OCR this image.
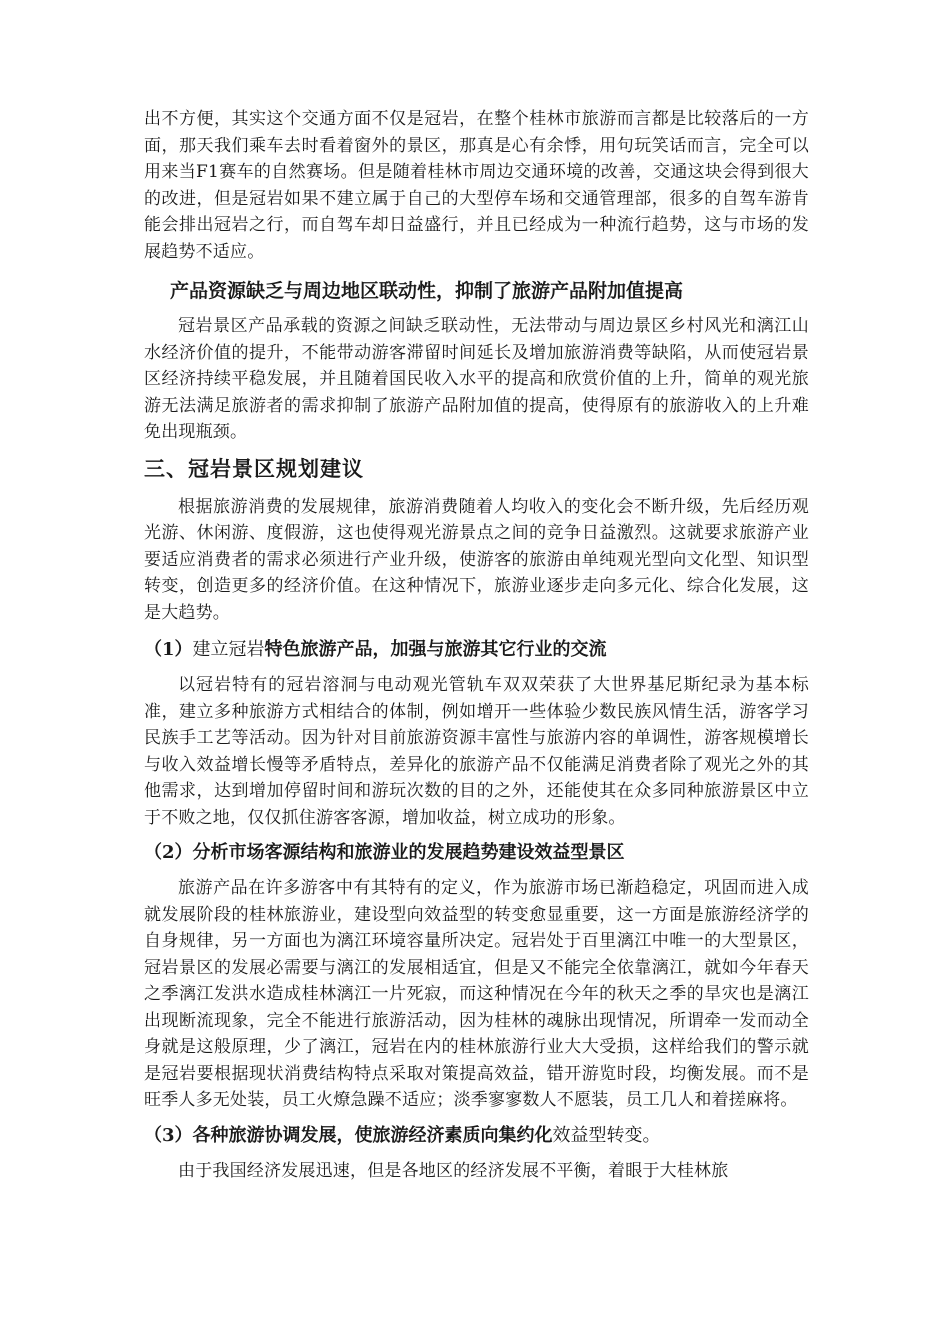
出不方便，其实这个交通方面不仅是冠岩，在整个桂林市旅游而言都是比较落后的一方面，那天我们乘车去时看着窗外的景区，那真是心有余悸，用句玩笑话而言，完全可以用来当F1赛车的自然赛场。但是随着桂林市周边交通环境的改善，交通这块会得到很大的改进，但是冠岩如果不建立属于自己的大型停车场和交通管理部，很多的自驾车游肯能会排出冠岩之行，而自驾车却日益盛行，并且已经成为一种流行趋势，这与市场的发展趋势不适应。

产品资源缺乏与周边地区联动性，抑制了旅游产品附加值提高

冠岩景区产品承载的资源之间缺乏联动性，无法带动与周边景区乡村风光和漓江山水经济价值的提升，不能带动游客滞留时间延长及增加旅游消费等缺陷，从而使冠岩景区经济持续平稳发展，并且随着国民收入水平的提高和欣赏价值的上升，简单的观光旅游无法满足旅游者的需求抑制了旅游产品附加值的提高，使得原有的旅游收入的上升难免出现瓶颈。

三、冠岩景区规划建议

根据旅游消费的发展规律，旅游消费随着人均收入的变化会不断升级，先后经历观光游、休闲游、度假游，这也使得观光游景点之间的竞争日益激烈。这就要求旅游产业要适应消费者的需求必须进行产业升级，使游客的旅游由单纯观光型向文化型、知识型转变，创造更多的经济价值。在这种情况下，旅游业逐步走向多元化、综合化发展，这是大趋势。

（1）建立冠岩特色旅游产品，加强与旅游其它行业的交流

以冠岩特有的冠岩溶洞与电动观光管轨车双双荣获了大世界基尼斯纪录为基本标准，建立多种旅游方式相结合的体制，例如增开一些体验少数民族风情生活，游客学习民族手工艺等活动。因为针对目前旅游资源丰富性与旅游内容的单调性，游客规模增长与收入效益增长慢等矛盾特点，差异化的旅游产品不仅能满足消费者除了观光之外的其他需求，达到增加停留时间和游玩次数的目的之外，还能使其在众多同种旅游景区中立于不败之地，仅仅抓住游客客源，增加收益，树立成功的形象。

（2）分析市场客源结构和旅游业的发展趋势建设效益型景区

旅游产品在许多游客中有其特有的定义，作为旅游市场已渐趋稳定，巩固而进入成就发展阶段的桂林旅游业，建设型向效益型的转变愈显重要，这一方面是旅游经济学的自身规律，另一方面也为漓江环境容量所决定。冠岩处于百里漓江中唯一的大型景区，冠岩景区的发展必需要与漓江的发展相适宜，但是又不能完全依靠漓江，就如今年春天之季漓江发洪水造成桂林漓江一片死寂，而这种情况在今年的秋天之季的旱灾也是漓江出现断流现象，完全不能进行旅游活动，因为桂林的魂脉出现情况，所谓牵一发而动全身就是这般原理，少了漓江，冠岩在内的桂林旅游行业大大受损，这样给我们的警示就是冠岩要根据现状消费结构特点采取对策提高效益，错开游览时段，均衡发展。而不是旺季人多无处装，员工火燎急躁不适应；淡季寥寥数人不愿装，员工几人和着搓麻将。

（3）各种旅游协调发展，使旅游经济素质向集约化效益型转变。

由于我国经济发展迅速，但是各地区的经济发展不平衡，着眼于大桂林旅
